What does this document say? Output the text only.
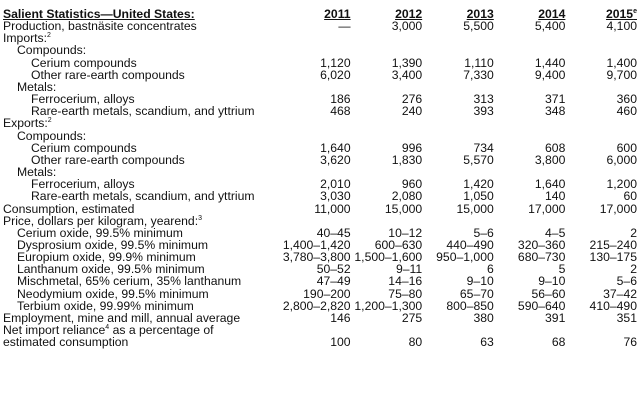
Salient Statistics—United States:	2011	2012	2013	2014	2015e
Production, bastnäsite concentrates	—	3,000	5,500	5,400	4,100
Imports:$^2$					
Compounds:					
Cerium compounds	1,120	1,390	1,110	1,440	1,400
Other rare-earth compounds	6,020	3,400	7,330	9,400	9,700
Metals:					
Ferrocerium, alloys	186	276	313	371	360
Rare-earth metals, scandium, and yttrium	468	240	393	348	460
Exports:$^2$					
Compounds:					
Cerium compounds	1,640	996	734	608	600
Other rare-earth compounds	3,620	1,830	5,570	3,800	6,000
Metals:					
Ferrocerium, alloys	2,010	960	1,420	1,640	1,200
Rare-earth metals, scandium, and yttrium	3,030	2,080	1,050	140	60
Consumption, estimated	11,000	15,000	15,000	17,000	17,000
Price, dollars per kilogram, yearend:$^3$					
Cerium oxide, 99.5% minimum	40–45	10–12	5–6	4–5	2
Dysprosium oxide, 99.5% minimum	1,400–1,420	600–630	440–490	320–360	215–240
Europium oxide, 99.9% minimum	3,780–3,800	1,500–1,600	950–1,000	680–730	130–175
Lanthanum oxide, 99.5% minimum	50–52	9–11	6	5	2
Mischmetal, 65% cerium, 35% lanthanum	47–49	14–16	9–10	9–10	5–6
Neodymium oxide, 99.5% minimum	190–200	75–80	65–70	56–60	37–42
Terbium oxide, 99.99% minimum	2,800–2,820	1,200–1,300	800–850	590–640	410–490
Employment, mine and mill, annual average	146	275	380	391	351
Net import reliance$^4$ as a percentage of					
estimated consumption	100	80	63	68	76
